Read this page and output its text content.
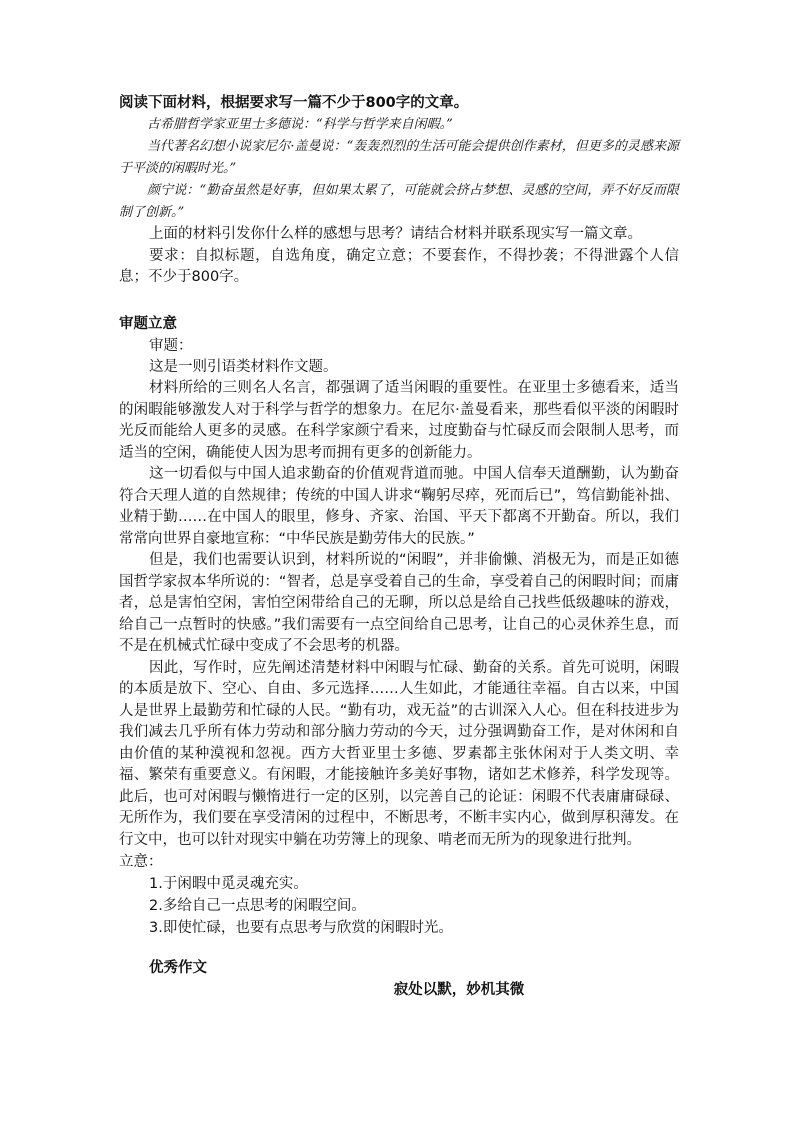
阅读下面材料，根据要求写一篇不少于800字的文章。

古希腊哲学家亚里士多德说：“科学与哲学来自闲暇。”

当代著名幻想小说家尼尔·盖曼说：“轰轰烈烈的生活可能会提供创作素材，但更多的灵感来源于平淡的闲暇时光。”

颜宁说：“勤奋虽然是好事，但如果太累了，可能就会挤占梦想、灵感的空间，弄不好反而限制了创新。”

上面的材料引发你什么样的感想与思考？请结合材料并联系现实写一篇文章。

要求：自拟标题，自选角度，确定立意；不要套作，不得抄袭；不得泄露个人信息；不少于800字。

审题立意

审题：

这是一则引语类材料作文题。

材料所给的三则名人名言，都强调了适当闲暇的重要性。在亚里士多德看来，适当的闲暇能够激发人对于科学与哲学的想象力。在尼尔·盖曼看来，那些看似平淡的闲暇时光反而能给人更多的灵感。在科学家颜宁看来，过度勤奋与忙碌反而会限制人思考，而适当的空闲，确能使人因为思考而拥有更多的创新能力。

这一切看似与中国人追求勤奋的价值观背道而驰。中国人信奉天道酬勤，认为勤奋符合天理人道的自然规律；传统的中国人讲求“鞠躬尽瘁，死而后已”，笃信勤能补拙、业精于勤……在中国人的眼里，修身、齐家、治国、平天下都离不开勤奋。所以，我们常常向世界自豪地宣称：“中华民族是勤劳伟大的民族。”

但是，我们也需要认识到，材料所说的“闲暇”，并非偷懒、消极无为，而是正如德国哲学家叔本华所说的：“智者，总是享受着自己的生命，享受着自己的闲暇时间；而庸者，总是害怕空闲，害怕空闲带给自己的无聊，所以总是给自己找些低级趣味的游戏，给自己一点暂时的快感。”我们需要有一点空间给自己思考，让自己的心灵休养生息，而不是在机械式忙碌中变成了不会思考的机器。

因此，写作时，应先阐述清楚材料中闲暇与忙碌、勤奋的关系。首先可说明，闲暇的本质是放下、空心、自由、多元选择……人生如此，才能通往幸福。自古以来，中国人是世界上最勤劳和忙碌的人民。“勤有功，戏无益”的古训深入人心。但在科技进步为我们减去几乎所有体力劳动和部分脑力劳动的今天，过分强调勤奋工作，是对休闲和自由价值的某种漠视和忽视。西方大哲亚里士多德、罗素都主张休闲对于人类文明、幸福、繁荣有重要意义。有闲暇，才能接触许多美好事物，诸如艺术修养，科学发现等。此后，也可对闲暇与懒惰进行一定的区别，以完善自己的论证：闲暇不代表庸庸碌碌、无所作为，我们要在享受清闲的过程中，不断思考，不断丰实内心，做到厚积薄发。在行文中，也可以针对现实中躺在功劳簿上的现象、啃老而无所为的现象进行批判。

立意：

1.于闲暇中觅灵魂充实。
2.多给自己一点思考的闲暇空间。
3.即使忙碌，也要有点思考与欣赏的闲暇时光。

优秀作文

寂处以默，妙机其微
